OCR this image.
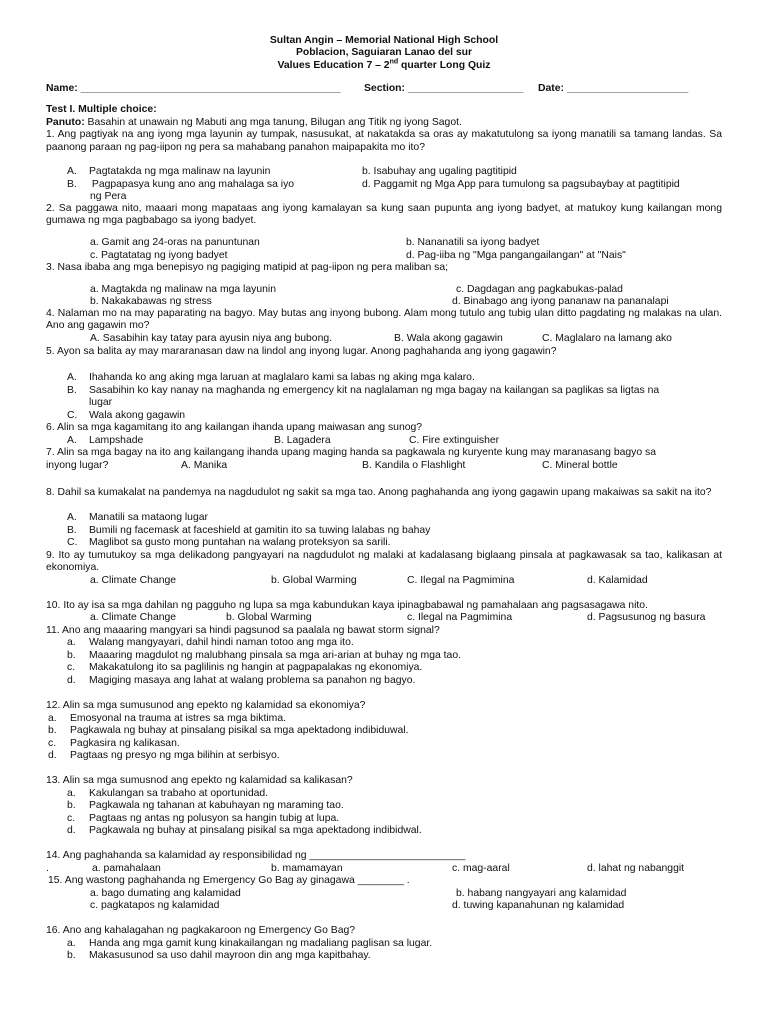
Sultan Angin – Memorial National High School
Poblacion, Saguiaran Lanao del sur
Values Education 7 – 2nd quarter Long Quiz
Name: _____________________________________________ Section: ____________________ Date: _____________________
Test I. Multiple choice:
Panuto: Basahin at unawain ng Mabuti ang mga tanung, Bilugan ang Titik ng iyong Sagot.
1. Ang pagtiyak na ang iyong mga layunin ay tumpak, nasusukat, at nakatakda sa oras ay makatutulong sa iyong manatili sa tamang landas. Sa paanong paraan ng pag-iipon ng pera sa mahabang panahon maipapakita mo ito?
A. Pagtatakda ng mga malinaw na layunin	b. Isabuhay ang ugaling pagtitipid
B. Pagpapasya kung ano ang mahalaga sa iyo	d. Paggamit ng Mga App para tumulong sa pagsubaybay at pagtitipid
ng Pera
2. Sa paggawa nito, maaari mong mapataas ang iyong kamalayan sa kung saan pupunta ang iyong badyet, at matukoy kung kailangan mong gumawa ng mga pagbabago sa iyong badyet.
a. Gamit ang 24-oras na panuntunan	b. Nananatili sa iyong badyet
c. Pagtatatag ng iyong badyet	d. Pag-iiba ng "Mga pangangailangan" at "Nais"
3. Nasa ibaba ang mga benepisyo ng pagiging matipid at pag-iipon ng pera maliban sa;
a. Magtakda ng malinaw na mga layunin	c. Dagdagan ang pagkabukas-palad
b. Nakakabawas ng stress	d. Binabago ang iyong pananaw na pananalapi
4. Nalaman mo na may paparating na bagyo. May butas ang inyong bubong. Alam mong tutulo ang tubig ulan ditto pagdating ng malakas na ulan. Ano ang gagawin mo?
A. Sasabihin kay tatay para ayusin niya ang bubong.	B. Wala akong gagawin	C. Maglalaro na lamang ako
5. Ayon sa balita ay may mararanasan daw na lindol ang inyong lugar. Anong paghahanda ang iyong gagawin?
A. Ihahanda ko ang aking mga laruan at maglalaro kami sa labas ng aking mga kalaro.
B. Sasabihin ko kay nanay na maghanda ng emergency kit na naglalaman ng mga bagay na kailangan sa paglikas sa ligtas na
lugar
C. Wala akong gagawin
6. Alin sa mga kagamitang ito ang kailangan ihanda upang maiwasan ang sunog?
A. Lampshade	B. Lagadera	C. Fire extinguisher
7. Alin sa mga bagay na ito ang kailangang ihanda upang maging handa sa pagkawala ng kuryente kung may maranasang bagyo sa
inyong lugar?	A. Manika	B. Kandila o Flashlight	C. Mineral bottle
8. Dahil sa kumakalat na pandemya na nagdudulot ng sakit sa mga tao. Anong paghahanda ang iyong gagawin upang makaiwas sa sakit na ito?
A. Manatili sa mataong lugar
B. Bumili ng facemask at faceshield at gamitin ito sa tuwing lalabas ng bahay
C. Maglibot sa gusto mong puntahan na walang proteksyon sa sarili.
9. Ito ay tumutukoy sa mga delikadong pangyayari na nagdudulot ng malaki at kadalasang biglaang pinsala at pagkawasak sa tao, kalikasan at ekonomiya.
a. Climate Change	b. Global Warming	C. Ilegal na Pagmimina	d. Kalamidad
10. Ito ay isa sa mga dahilan ng pagguho ng lupa sa mga kabundukan kaya ipinagbabawal ng pamahalaan ang pagsasagawa nito.
a. Climate Change	b. Global Warming	c. Ilegal na Pagmimina	d. Pagsusunog ng basura
11. Ano ang maaaring mangyari sa hindi pagsunod sa paalala ng bawat storm signal?
a. Walang mangyayari, dahil hindi naman totoo ang mga ito.
b. Maaaring magdulot ng malubhang pinsala sa mga ari-arian at buhay ng mga tao.
c. Makakatulong ito sa paglilinis ng hangin at pagpapalakas ng ekonomiya.
d. Magiging masaya ang lahat at walang problema sa panahon ng bagyo.
12. Alin sa mga sumusunod ang epekto ng kalamidad sa ekonomiya?
a. Emosyonal na trauma at istres sa mga biktima.
b. Pagkawala ng buhay at pinsalang pisikal sa mga apektadong indibiduwal.
c. Pagkasira ng kalikasan.
d. Pagtaas ng presyo ng mga bilihin at serbisyo.
13. Alin sa mga sumusnod ang epekto ng kalamidad sa kalikasan?
a. Kakulangan sa trabaho at oportunidad.
b. Pagkawala ng tahanan at kabuhayan ng maraming tao.
c. Pagtaas ng antas ng polusyon sa hangin tubig at lupa.
d. Pagkawala ng buhay at pinsalang pisikal sa mga apektadong indibidwal.
14. Ang paghahanda sa kalamidad ay responsibilidad ng ___________________________
.	a. pamahalaan	b. mamamayan	c. mag-aaral	d. lahat ng nabanggit
15. Ang wastong paghahanda ng Emergency Go Bag ay ginagawa ________ .
a. bago dumating ang kalamidad	b. habang nangyayari ang kalamidad
c. pagkatapos ng kalamidad	d. tuwing kapanahunan ng kalamidad
16. Ano ang kahalagahan ng pagkakaroon ng Emergency Go Bag?
a. Handa ang mga gamit kung kinakailangan ng madaliang paglisan sa lugar.
b. Makasusunod sa uso dahil mayroon din ang mga kapitbahay.
